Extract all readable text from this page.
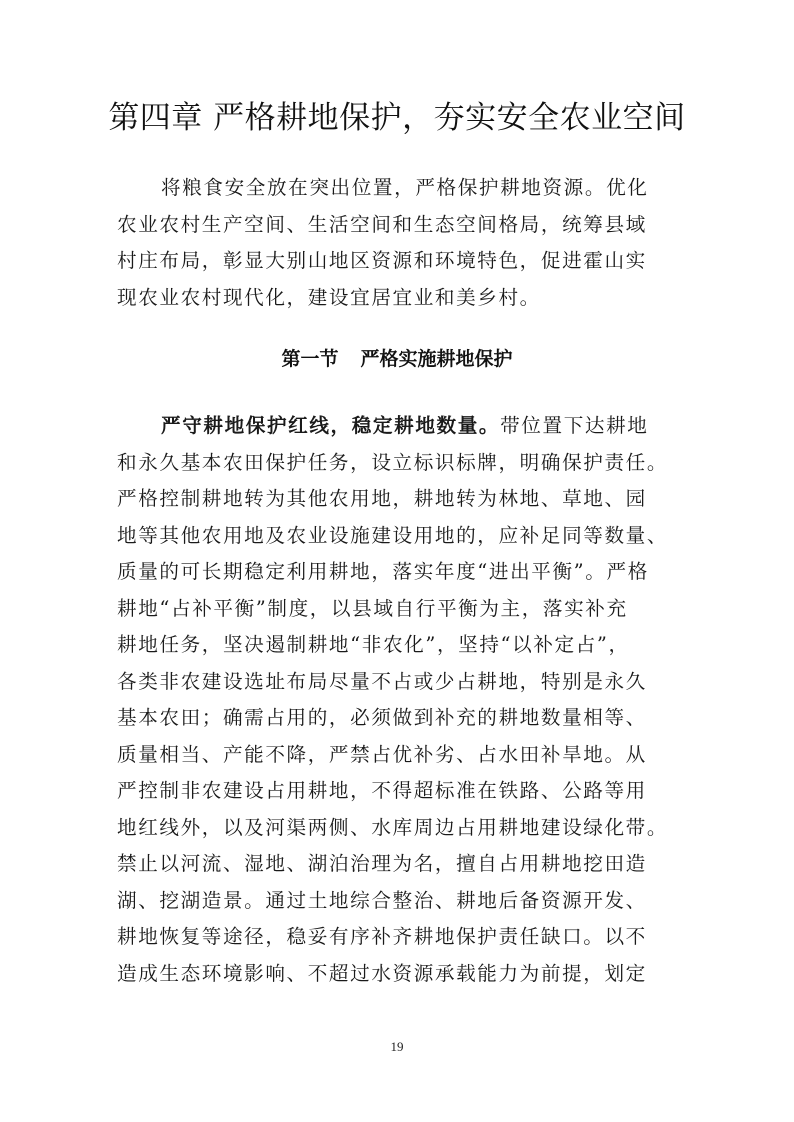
第四章 严格耕地保护，夯实安全农业空间
将粮食安全放在突出位置，严格保护耕地资源。优化
农业农村生产空间、生活空间和生态空间格局，统筹县域
村庄布局，彰显大别山地区资源和环境特色，促进霍山实
现农业农村现代化，建设宜居宜业和美乡村。
第一节 严格实施耕地保护
严守耕地保护红线，稳定耕地数量。带位置下达耕地
和永久基本农田保护任务，设立标识标牌，明确保护责任。
严格控制耕地转为其他农用地，耕地转为林地、草地、园
地等其他农用地及农业设施建设用地的，应补足同等数量、
质量的可长期稳定利用耕地，落实年度“进出平衡”。严格
耕地“占补平衡”制度，以县域自行平衡为主，落实补充
耕地任务，坚决遏制耕地“非农化”，坚持“以补定占”，
各类非农建设选址布局尽量不占或少占耕地，特别是永久
基本农田；确需占用的，必须做到补充的耕地数量相等、
质量相当、产能不降，严禁占优补劣、占水田补旱地。从
严控制非农建设占用耕地，不得超标准在铁路、公路等用
地红线外，以及河渠两侧、水库周边占用耕地建设绿化带。
禁止以河流、湿地、湖泊治理为名，擅自占用耕地挖田造
湖、挖湖造景。通过土地综合整治、耕地后备资源开发、
耕地恢复等途径，稳妥有序补齐耕地保护责任缺口。以不
造成生态环境影响、不超过水资源承载能力为前提，划定
19
